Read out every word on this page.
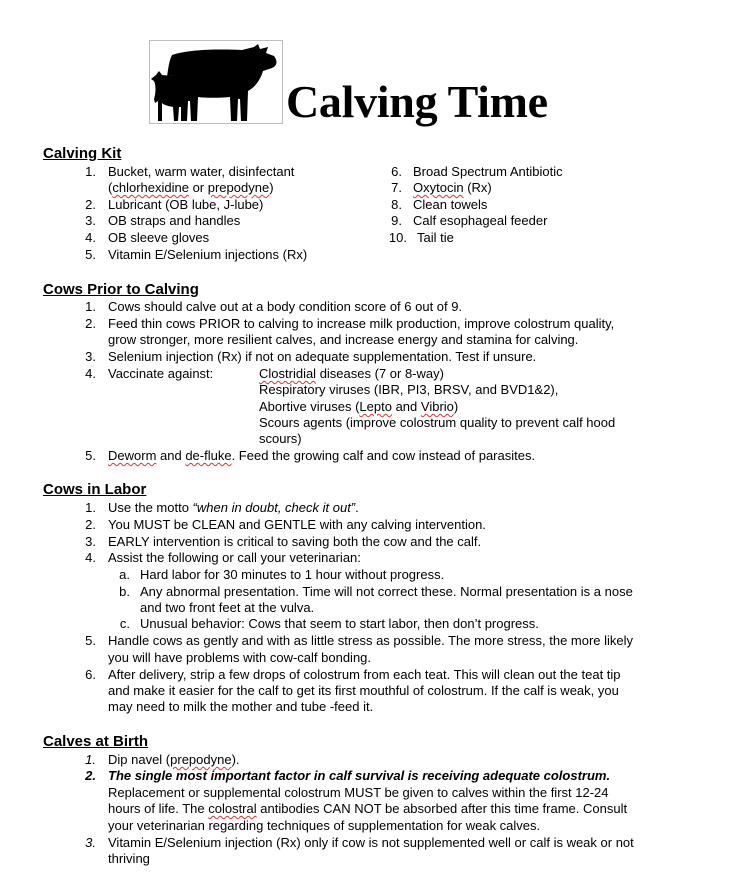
Calving Time
Calving Kit
1. Bucket, warm water, disinfectant
(chlorhexidine or prepodyne)
2. Lubricant (OB lube, J-lube)
3. OB straps and handles
4. OB sleeve gloves
5. Vitamin E/Selenium injections (Rx)
6. Broad Spectrum Antibiotic
7. Oxytocin (Rx)
8. Clean towels
9. Calf esophageal feeder
10. Tail tie
Cows Prior to Calving
1. Cows should calve out at a body condition score of 6 out of 9.
2. Feed thin cows PRIOR to calving to increase milk production, improve colostrum quality,
grow stronger, more resilient calves, and increase energy and stamina for calving.
3. Selenium injection (Rx) if not on adequate supplementation. Test if unsure.
4. Vaccinate against:	Clostridial diseases (7 or 8-way)
Respiratory viruses (IBR, PI3, BRSV, and BVD1&2),
Abortive viruses (Lepto and Vibrio)
Scours agents (improve colostrum quality to prevent calf hood
scours)
5. Deworm and de-fluke. Feed the growing calf and cow instead of parasites.
Cows in Labor
1. Use the motto “when in doubt, check it out”.
2. You MUST be CLEAN and GENTLE with any calving intervention.
3. EARLY intervention is critical to saving both the cow and the calf.
4. Assist the following or call your veterinarian:
a. Hard labor for 30 minutes to 1 hour without progress.
b. Any abnormal presentation. Time will not correct these. Normal presentation is a nose
and two front feet at the vulva.
c. Unusual behavior: Cows that seem to start labor, then don’t progress.
5. Handle cows as gently and with as little stress as possible. The more stress, the more likely
you will have problems with cow-calf bonding.
6. After delivery, strip a few drops of colostrum from each teat. This will clean out the teat tip
and make it easier for the calf to get its first mouthful of colostrum. If the calf is weak, you
may need to milk the mother and tube -feed it.
Calves at Birth
1. Dip navel (prepodyne).
2. The single most important factor in calf survival is receiving adequate colostrum.
Replacement or supplemental colostrum MUST be given to calves within the first 12-24
hours of life. The colostral antibodies CAN NOT be absorbed after this time frame. Consult
your veterinarian regarding techniques of supplementation for weak calves.
3. Vitamin E/Selenium injection (Rx) only if cow is not supplemented well or calf is weak or not
thriving
